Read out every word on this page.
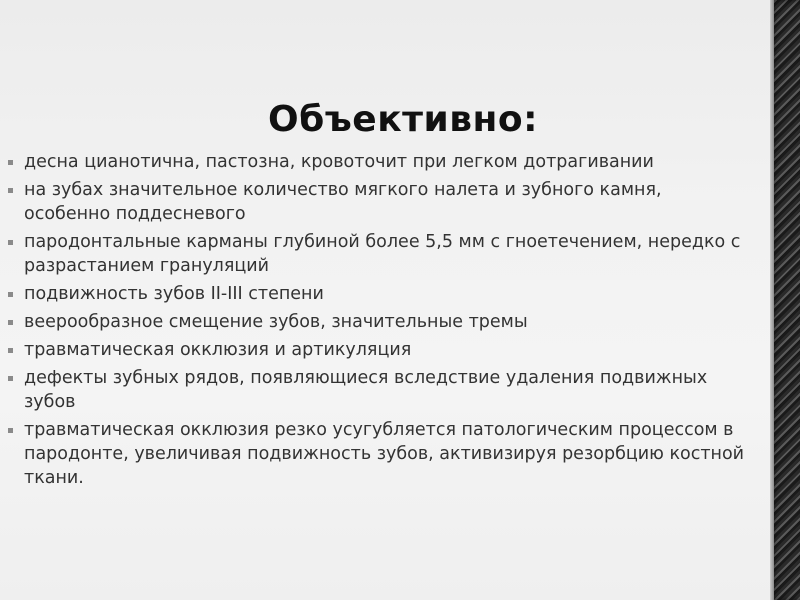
Объективно:
десна цианотична, пастозна, кровоточит при легком дотрагивании
на зубах значительное количество мягкого налета и зубного камня, особенно поддесневого
пародонтальные карманы глубиной более 5,5 мм с гноетечением, нередко с разрастанием грануляций
подвижность зубов II-III степени
веерообразное смещение зубов, значительные тремы
травматическая окклюзия и артикуляция
дефекты зубных рядов, появляющиеся вследствие удаления подвижных зубов
травматическая окклюзия резко усугубляется патологическим процессом в пародонте, увеличивая подвижность зубов, активизируя резорбцию костной ткани.
